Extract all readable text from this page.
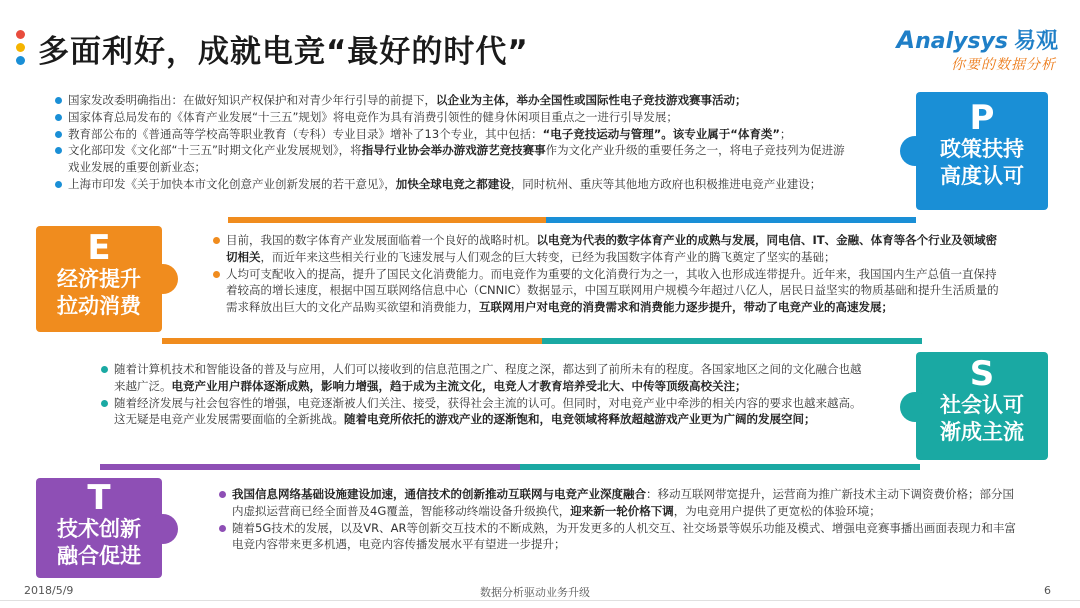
多面利好，成就电竞“最好的时代”	Analysys 易观
你要的数据分析
国家发改委明确指出：在做好知识产权保护和对青少年行引导的前提下，以企业为主体，举办全国性或国际性电子竞技游戏赛事活动；
国家体育总局发布的《体育产业发展“十三五”规划》将电竞作为具有消费引领性的健身休闲项目重点之一进行引导发展；
教育部公布的《普通高等学校高等职业教育（专科）专业目录》增补了13个专业，其中包括：“电子竞技运动与管理”。该专业属于“体育类”；
文化部印发《文化部“十三五”时期文化产业发展规划》，将指导行业协会举办游戏游艺竞技赛事作为文化产业升级的重要任务之一，将电子竞技列为促进游戏业发展的重要创新业态；
上海市印发《关于加快本市文化创意产业创新发展的若干意见》，加快全球电竞之都建设，同时杭州、重庆等其他地方政府也积极推进电竞产业建设；
P
政策扶持
高度认可
E
经济提升
拉动消费
目前，我国的数字体育产业发展面临着一个良好的战略时机。以电竞为代表的数字体育产业的成熟与发展，同电信、IT、金融、体育等各个行业及领域密切相关，而近年来这些相关行业的飞速发展与人们观念的巨大转变，已经为我国数字体育产业的腾飞奠定了坚实的基础；
人均可支配收入的提高，提升了国民文化消费能力。而电竞作为重要的文化消费行为之一，其收入也形成连带提升。近年来，我国国内生产总值一直保持着较高的增长速度，根据中国互联网络信息中心（CNNIC）数据显示，中国互联网用户规模今年超过八亿人，居民日益坚实的物质基础和提升生活质量的需求释放出巨大的文化产品购买欲望和消费能力，互联网用户对电竞的消费需求和消费能力逐步提升，带动了电竞产业的高速发展；
随着计算机技术和智能设备的普及与应用，人们可以接收到的信息范围之广、程度之深，都达到了前所未有的程度。各国家地区之间的文化融合也越来越广泛。电竞产业用户群体逐渐成熟，影响力增强，趋于成为主流文化，电竞人才教育培养受北大、中传等顶级高校关注；
随着经济发展与社会包容性的增强，电竞逐渐被人们关注、接受，获得社会主流的认可。但同时，对电竞产业中牵涉的相关内容的要求也越来越高。这无疑是电竞产业发展需要面临的全新挑战。随着电竞所依托的游戏产业的逐渐饱和，电竞领域将释放超越游戏产业更为广阔的发展空间；
S
社会认可
渐成主流
T
技术创新
融合促进
我国信息网络基础设施建设加速，通信技术的创新推动互联网与电竞产业深度融合：移动互联网带宽提升，运营商为推广新技术主动下调资费价格；部分国内虚拟运营商已经全面普及4G覆盖，智能移动终端设备升级换代，迎来新一轮价格下调，为电竞用户提供了更宽松的体验环境；
随着5G技术的发展，以及VR、AR等创新交互技术的不断成熟，为开发更多的人机交互、社交场景等娱乐功能及模式、增强电竞赛事播出画面表现力和丰富电竞内容带来更多机遇，电竞内容传播发展水平有望进一步提升；
2018/5/9	数据分析驱动业务升级	6
